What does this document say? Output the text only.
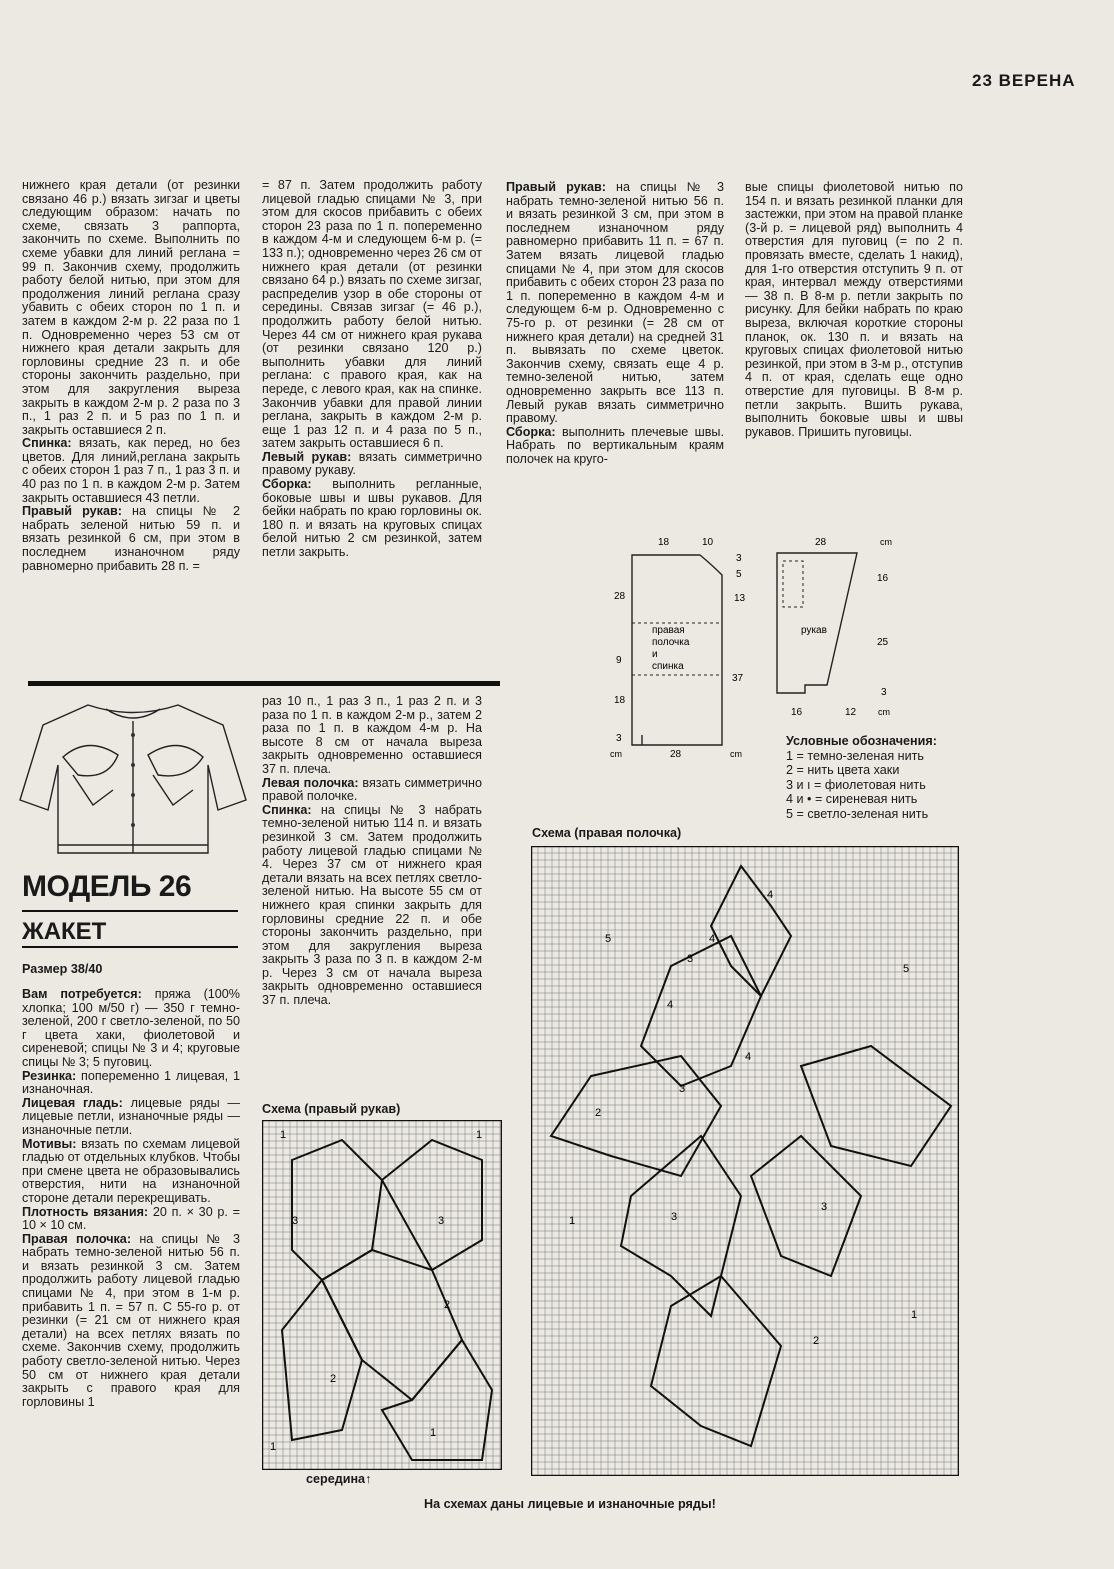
23 ВЕРЕНА

нижнего края детали (от резинки связано 46 р.) вязать зигзаг и цветы следующим образом: начать по схеме, связать 3 раппорта, закончить по схеме. Выполнить по схеме убавки для линий реглана = 99 п. Закончив схему, продолжить работу белой нитью, при этом для продолжения линий реглана сразу убавить с обеих сторон по 1 п. и затем в каждом 2-м р. 22 раза по 1 п. Одновременно через 53 см от нижнего края детали закрыть для горловины средние 23 п. и обе стороны закончить раздельно, при этом для закругления выреза закрыть в каждом 2-м р. 2 раза по 3 п., 1 раз 2 п. и 5 раз по 1 п. и закрыть оставшиеся 2 п.

Спинка: вязать, как перед, но без цветов. Для линий,реглана закрыть с обеих сторон 1 раз 7 п., 1 раз 3 п. и 40 раз по 1 п. в каждом 2-м р. Затем закрыть оставшиеся 43 петли.

Правый рукав: на спицы № 2 набрать зеленой нитью 59 п. и вязать резинкой 6 см, при этом в последнем изнаночном ряду равномерно прибавить 28 п. =

= 87 п. Затем продолжить работу лицевой гладью спицами № 3, при этом для скосов прибавить с обеих сторон 23 раза по 1 п. попеременно в каждом 4-м и следующем 6-м р. (= 133 п.); одновременно через 26 см от нижнего края детали (от резинки связано 64 р.) вязать по схеме зигзаг, распределив узор в обе стороны от середины. Связав зигзаг (= 46 р.), продолжить работу белой нитью. Через 44 см от нижнего края рукава (от резинки связано 120 р.) выполнить убавки для линий реглана: с правого края, как на переде, с левого края, как на спинке. Закончив убавки для правой линии реглана, закрыть в каждом 2-м р. еще 1 раз 12 п. и 4 раза по 5 п., затем закрыть оставшиеся 6 п.

Левый рукав: вязать симметрично правому рукаву.

Сборка: выполнить регланные, боковые швы и швы рукавов. Для бейки набрать по краю горловины ок. 180 п. и вязать на круговых спицах белой нитью 2 см резинкой, затем петли закрыть.

Правый рукав: на спицы № 3 набрать темно-зеленой нитью 56 п. и вязать резинкой 3 см, при этом в последнем изнаночном ряду равномерно прибавить 11 п. = 67 п. Затем вязать лицевой гладью спицами № 4, при этом для скосов прибавить с обеих сторон 23 раза по 1 п. попеременно в каждом 4-м и следующем 6-м р. Одновременно с 75-го р. от резинки (= 28 см от нижнего края детали) на средней 31 п. вывязать по схеме цветок. Закончив схему, связать еще 4 р. темно-зеленой нитью, затем одновременно закрыть все 113 п. Левый рукав вязать симметрично правому.

Сборка: выполнить плечевые швы. Набрать по вертикальным краям полочек на круго-

вые спицы фиолетовой нитью по 154 п. и вязать резинкой планки для застежки, при этом на правой планке (3-й р. = лицевой ряд) выполнить 4 отверстия для пуговиц (= по 2 п. провязать вместе, сделать 1 накид), для 1-го отверстия отступить 9 п. от края, интервал между отверстиями — 38 п. В 8-м р. петли закрыть по рисунку. Для бейки набрать по краю выреза, включая короткие стороны планок, ок. 130 п. и вязать на круговых спицах фиолетовой нитью резинкой, при этом в 3-м р., отступив 4 п. от края, сделать еще одно отверстие для пуговицы. В 8-м р. петли закрыть. Вшить рукава, выполнить боковые швы и швы рукавов. Пришить пуговицы.

МОДЕЛЬ 26
ЖАКЕТ
Размер 38/40

Вам потребуется: пряжа (100% хлопка; 100 м/50 г) — 350 г темно-зеленой, 200 г светло-зеленой, по 50 г цвета хаки, фиолетовой и сиреневой; спицы № 3 и 4; круговые спицы № 3; 5 пуговиц.

Резинка: попеременно 1 лицевая, 1 изнаночная.

Лицевая гладь: лицевые ряды — лицевые петли, изнаночные ряды — изнаночные петли.

Мотивы: вязать по схемам лицевой гладью от отдельных клубков. Чтобы при смене цвета не образовывались отверстия, нити на изнаночной стороне детали перекрещивать.

Плотность вязания: 20 п. × 30 р. = 10 × 10 см.

Правая полочка: на спицы № 3 набрать темно-зеленой нитью 56 п. и вязать резинкой 3 см. Затем продолжить работу лицевой гладью спицами № 4, при этом в 1-м р. прибавить 1 п. = 57 п. С 55-го р. от резинки (= 21 см от нижнего края детали) на всех петлях вязать по схеме. Закончив схему, продолжить работу светло-зеленой нитью. Через 50 см от нижнего края детали закрыть с правого края для горловины 1

раз 10 п., 1 раз 3 п., 1 раз 2 п. и 3 раза по 1 п. в каждом 2-м р., затем 2 раза по 1 п. в каждом 4-м р. На высоте 8 см от начала выреза закрыть одновременно оставшиеся 37 п. плеча.

Левая полочка: вязать симметрично правой полочке.

Спинка: на спицы № 3 набрать темно-зеленой нитью 114 п. и вязать резинкой 3 см. Затем продолжить работу лицевой гладью спицами № 4. Через 37 см от нижнего края детали вязать на всех петлях светло-зеленой нитью. На высоте 55 см от нижнего края спинки закрыть для горловины средние 22 п. и обе стороны закончить раздельно, при этом для закругления выреза закрыть 3 раза по 3 п. в каждом 2-м р. Через 3 см от начала выреза закрыть одновременно оставшиеся 37 п. плеча.

правая
полочка
и
спинка
18	10
28
9
18
3
3
5
13
37
28
cm	cm
рукав
28	cm
16
25
3
16	12 cm
Условные обозначения:
1 = темно-зеленая нить
2 = нить цвета хаки
3 и ı = фиолетовая нить
4 и • = сиреневая нить
5 = светло-зеленая нить
Схема (правая полочка)
5
5
4
4
4
4
3
3
3
3
2
2
1
1
Схема (правый рукав)
1	1
3	3
2
2
1
1
середина↑
На схемах даны лицевые и изнаночные ряды!
